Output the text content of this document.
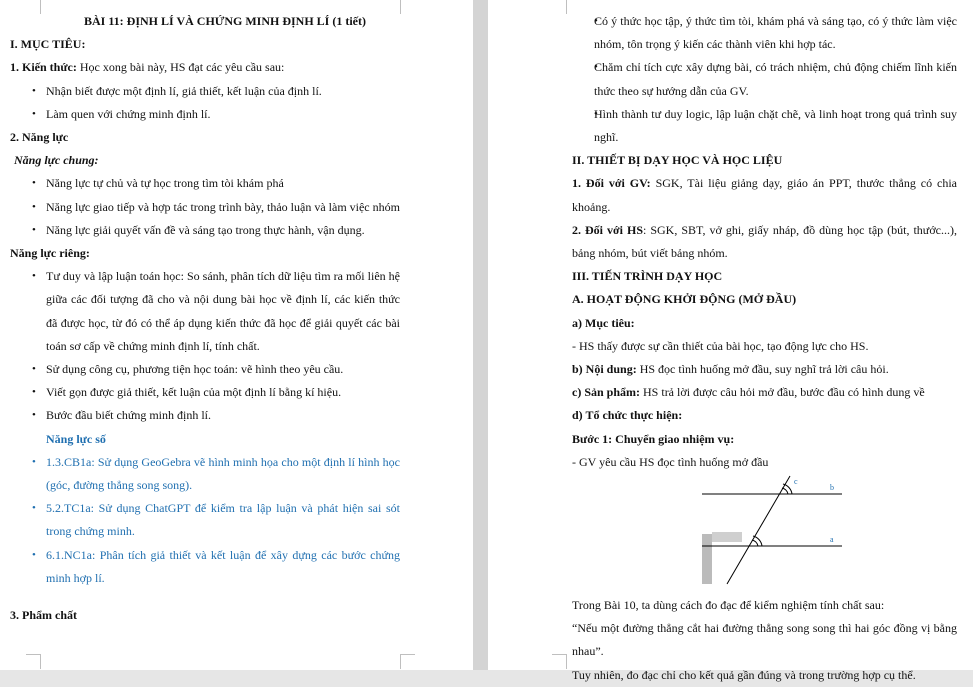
BÀI 11: ĐỊNH LÍ VÀ CHỨNG MINH ĐỊNH LÍ (1 tiết)

I. MỤC TIÊU:

1. Kiến thức: Học xong bài này, HS đạt các yêu cầu sau:

• Nhận biết được một định lí, giả thiết, kết luận của định lí.

• Làm quen với chứng minh định lí.

2. Năng lực

Năng lực chung:

• Năng lực tự chủ và tự học trong tìm tòi khám phá

• Năng lực giao tiếp và hợp tác trong trình bày, thảo luận và làm việc nhóm

• Năng lực giải quyết vấn đề và sáng tạo trong thực hành, vận dụng.

Năng lực riêng:

• Tư duy và lập luận toán học: So sánh, phân tích dữ liệu tìm ra mối liên hệ giữa các đối tượng đã cho và nội dung bài học về định lí, các kiến thức đã được học, từ đó có thể áp dụng kiến thức đã học để giải quyết các bài toán sơ cấp về chứng minh định lí, tính chất.

• Sử dụng công cụ, phương tiện học toán: vẽ hình theo yêu cầu.

• Viết gọn được giả thiết, kết luận của một định lí bằng kí hiệu.

• Bước đầu biết chứng minh định lí.

Năng lực số

• 1.3.CB1a: Sử dụng GeoGebra vẽ hình minh họa cho một định lí hình học (góc, đường thẳng song song).

• 5.2.TC1a: Sử dụng ChatGPT để kiểm tra lập luận và phát hiện sai sót trong chứng minh.

• 6.1.NC1a: Phân tích giả thiết và kết luận để xây dựng các bước chứng minh hợp lí.

3. Phẩm chất

• Có ý thức học tập, ý thức tìm tòi, khám phá và sáng tạo, có ý thức làm việc nhóm, tôn trọng ý kiến các thành viên khi hợp tác.

• Chăm chỉ tích cực xây dựng bài, có trách nhiệm, chủ động chiếm lĩnh kiến thức theo sự hướng dẫn của GV.

• Hình thành tư duy logic, lập luận chặt chẽ, và linh hoạt trong quá trình suy nghĩ.

II. THIẾT BỊ DẠY HỌC VÀ HỌC LIỆU

1. Đối với GV: SGK, Tài liệu giảng dạy, giáo án PPT, thước thẳng có chia khoảng.

2. Đối với HS: SGK, SBT, vở ghi, giấy nháp, đồ dùng học tập (bút, thước...), bảng nhóm, bút viết bảng nhóm.

III. TIẾN TRÌNH DẠY HỌC

A. HOẠT ĐỘNG KHỞI ĐỘNG (MỞ ĐẦU)

a) Mục tiêu:

- HS thấy được sự cần thiết của bài học, tạo động lực cho HS.

b) Nội dung: HS đọc tình huống mở đầu, suy nghĩ trả lời câu hỏi.

c) Sản phẩm: HS trả lời được câu hỏi mở đầu, bước đầu có hình dung về

d) Tổ chức thực hiện:

Bước 1: Chuyển giao nhiệm vụ:

- GV yêu cầu HS đọc tình huống mở đầu

c
b
a

Trong Bài 10, ta dùng cách đo đạc để kiểm nghiệm tính chất sau:

“Nếu một đường thẳng cắt hai đường thẳng song song thì hai góc đồng vị bằng nhau”.

Tuy nhiên, đo đạc chỉ cho kết quả gần đúng và trong trường hợp cụ thể.
